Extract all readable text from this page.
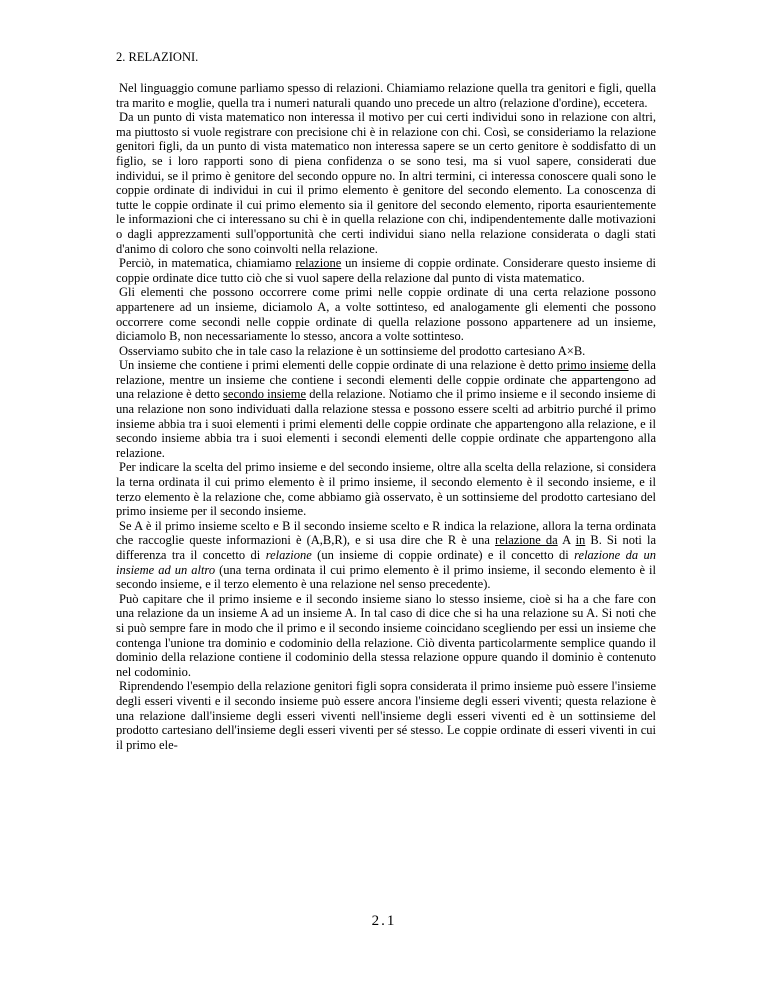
2. RELAZIONI.

Nel linguaggio comune parliamo spesso di relazioni. Chiamiamo relazione quella tra genitori e figli, quella tra marito e moglie, quella tra i numeri naturali quando uno precede un altro (relazione d'ordine), eccetera.

Da un punto di vista matematico non interessa il motivo per cui certi individui sono in relazione con altri, ma piuttosto si vuole registrare con precisione chi è in relazione con chi. Così, se consideriamo la relazione genitori figli, da un punto di vista matematico non interessa sapere se un certo genitore è soddisfatto di un figlio, se i loro rapporti sono di piena confidenza o se sono tesi, ma si vuol sapere, considerati due individui, se il primo è genitore del secondo oppure no. In altri termini, ci interessa conoscere quali sono le coppie ordinate di individui in cui il primo elemento è genitore del secondo elemento. La conoscenza di tutte le coppie ordinate il cui primo elemento sia il genitore del secondo elemento, riporta esaurientemente le informazioni che ci interessano su chi è in quella relazione con chi, indipendentemente dalle motivazioni o dagli apprezzamenti sull'opportunità che certi individui siano nella relazione considerata o dagli stati d'animo di coloro che sono coinvolti nella relazione.

Perciò, in matematica, chiamiamo relazione un insieme di coppie ordinate. Considerare questo insieme di coppie ordinate dice tutto ciò che si vuol sapere della relazione dal punto di vista matematico.

Gli elementi che possono occorrere come primi nelle coppie ordinate di una certa relazione possono appartenere ad un insieme, diciamolo A, a volte sottinteso, ed analogamente gli elementi che possono occorrere come secondi nelle coppie ordinate di quella relazione possono appartenere ad un insieme, diciamolo B, non necessariamente lo stesso, ancora a volte sottinteso.

Osserviamo subito che in tale caso la relazione è un sottinsieme del prodotto cartesiano A×B.

Un insieme che contiene i primi elementi delle coppie ordinate di una relazione è detto primo insieme della relazione, mentre un insieme che contiene i secondi elementi delle coppie ordinate che appartengono ad una relazione è detto secondo insieme della relazione. Notiamo che il primo insieme e il secondo insieme di una relazione non sono individuati dalla relazione stessa e possono essere scelti ad arbitrio purché il primo insieme abbia tra i suoi elementi i primi elementi delle coppie ordinate che appartengono alla relazione, e il secondo insieme abbia tra i suoi elementi i secondi elementi delle coppie ordinate che appartengono alla relazione.

Per indicare la scelta del primo insieme e del secondo insieme, oltre alla scelta della relazione, si considera la terna ordinata il cui primo elemento è il primo insieme, il secondo elemento è il secondo insieme, e il terzo elemento è la relazione che, come abbiamo già osservato, è un sottinsieme del prodotto cartesiano del primo insieme per il secondo insieme.

Se A è il primo insieme scelto e B il secondo insieme scelto e R indica la relazione, allora la terna ordinata che raccoglie queste informazioni è (A,B,R), e si usa dire che R è una relazione da A in B. Si noti la differenza tra il concetto di relazione (un insieme di coppie ordinate) e il concetto di relazione da un insieme ad un altro (una terna ordinata il cui primo elemento è il primo insieme, il secondo elemento è il secondo insieme, e il terzo elemento è una relazione nel senso precedente).

Può capitare che il primo insieme e il secondo insieme siano lo stesso insieme, cioè si ha a che fare con una relazione da un insieme A ad un insieme A. In tal caso di dice che si ha una relazione su A. Si noti che si può sempre fare in modo che il primo e il secondo insieme coincidano scegliendo per essi un insieme che contenga l'unione tra dominio e codominio della relazione. Ciò diventa particolarmente semplice quando il dominio della relazione contiene il codominio della stessa relazione oppure quando il dominio è contenuto nel codominio.

Riprendendo l'esempio della relazione genitori figli sopra considerata il primo insieme può essere l'insieme degli esseri viventi e il secondo insieme può essere ancora l'insieme degli esseri viventi; questa relazione è una relazione dall'insieme degli esseri viventi nell'insieme degli esseri viventi ed è un sottinsieme del prodotto cartesiano dell'insieme degli esseri viventi per sé stesso. Le coppie ordinate di esseri viventi in cui il primo ele-

2.1
